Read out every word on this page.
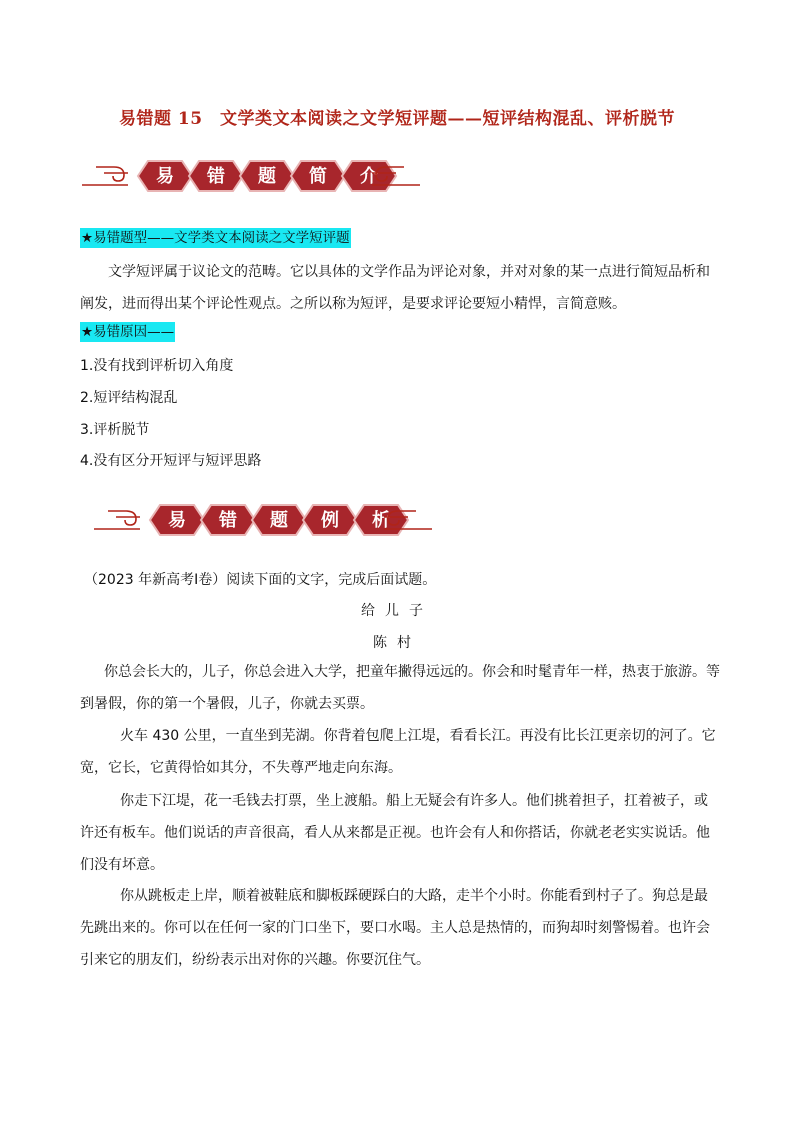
易错题 15　文学类文本阅读之文学短评题——短评结构混乱、评析脱节
易 错 题 简 介
★易错题型——文学类文本阅读之文学短评题

文学短评属于议论文的范畴。它以具体的文学作品为评论对象，并对对象的某一点进行简短品析和阐发，进而得出某个评论性观点。之所以称为短评，是要求评论要短小精悍，言简意赅。

★易错原因——
1.没有找到评析切入角度
2.短评结构混乱
3.评析脱节
4.没有区分开短评与短评思路
易 错 题 例 析
（2023 年新高考Ⅰ卷）阅读下面的文字，完成后面试题。
给儿子
陈村

你总会长大的，儿子，你总会进入大学，把童年撇得远远的。你会和时髦青年一样，热衷于旅游。等到暑假，你的第一个暑假，儿子，你就去买票。

火车 430 公里，一直坐到芜湖。你背着包爬上江堤，看看长江。再没有比长江更亲切的河了。它宽，它长，它黄得恰如其分，不失尊严地走向东海。

你走下江堤，花一毛钱去打票，坐上渡船。船上无疑会有许多人。他们挑着担子，扛着被子，或许还有板车。他们说话的声音很高，看人从来都是正视。也许会有人和你搭话，你就老老实实说话。他们没有坏意。

你从跳板走上岸，顺着被鞋底和脚板踩硬踩白的大路，走半个小时。你能看到村子了。狗总是最先跳出来的。你可以在任何一家的门口坐下，要口水喝。主人总是热情的，而狗却时刻警惕着。也许会引来它的朋友们，纷纷表示出对你的兴趣。你要沉住气。
